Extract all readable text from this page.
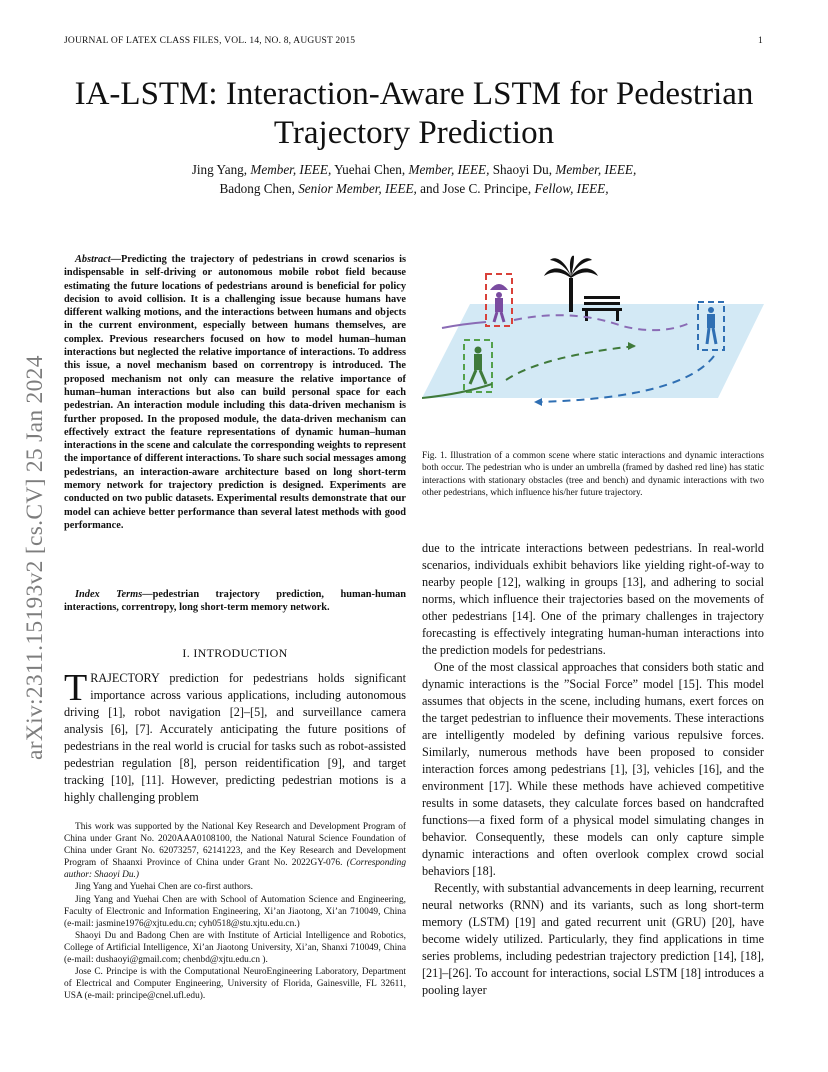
JOURNAL OF LATEX CLASS FILES, VOL. 14, NO. 8, AUGUST 2015	1
arXiv:2311.15193v2 [cs.CV] 25 Jan 2024
IA-LSTM: Interaction-Aware LSTM for Pedestrian Trajectory Prediction
Jing Yang, Member, IEEE, Yuehai Chen, Member, IEEE, Shaoyi Du, Member, IEEE,
Badong Chen, Senior Member, IEEE, and Jose C. Principe, Fellow, IEEE,
Abstract—Predicting the trajectory of pedestrians in crowd scenarios is indispensable in self-driving or autonomous mobile robot field because estimating the future locations of pedestrians around is beneficial for policy decision to avoid collision. It is a challenging issue because humans have different walking motions, and the interactions between humans and objects in the current environment, especially between humans themselves, are complex. Previous researchers focused on how to model human–human interactions but neglected the relative importance of interactions. To address this issue, a novel mechanism based on correntropy is introduced. The proposed mechanism not only can measure the relative importance of human–human interactions but also can build personal space for each pedestrian. An interaction module including this data-driven mechanism is further proposed. In the proposed module, the data-driven mechanism can effectively extract the feature representations of dynamic human–human interactions in the scene and calculate the corresponding weights to represent the importance of different interactions. To share such social messages among pedestrians, an interaction-aware architecture based on long short-term memory network for trajectory prediction is designed. Experiments are conducted on two public datasets. Experimental results demonstrate that our model can achieve better performance than several latest methods with good performance.
Index Terms—pedestrian trajectory prediction, human-human interactions, correntropy, long short-term memory network.
I. INTRODUCTION
TRAJECTORY prediction for pedestrians holds significant importance across various applications, including autonomous driving [1], robot navigation [2]–[5], and surveillance camera analysis [6], [7]. Accurately anticipating the future positions of pedestrians in the real world is crucial for tasks such as robot-assisted pedestrian regulation [8], person reidentification [9], and target tracking [10], [11]. However, predicting pedestrian motions is a highly challenging problem

This work was supported by the National Key Research and Development Program of China under Grant No. 2020AAA0108100, the National Natural Science Foundation of China under Grant No. 62073257, 62141223, and the Key Research and Development Program of Shaanxi Province of China under Grant No. 2022GY-076. (Corresponding author: Shaoyi Du.)

Jing Yang and Yuehai Chen are co-first authors.

Jing Yang and Yuehai Chen are with School of Automation Science and Engineering, Faculty of Electronic and Information Engineering, Xi’an Jiaotong, Xi’an 710049, China (e-mail: jasmine1976@xjtu.edu.cn; cyh0518@stu.xjtu.edu.cn.)

Shaoyi Du and Badong Chen are with Institute of Articial Intelligence and Robotics, College of Artificial Intelligence, Xi’an Jiaotong University, Xi’an, Shanxi 710049, China (e-mail: dushaoyi@gmail.com; chenbd@xjtu.edu.cn ).

Jose C. Principe is with the Computational NeuroEngineering Laboratory, Department of Electrical and Computer Engineering, University of Florida, Gainesville, FL 32611, USA (e-mail: principe@cnel.ufl.edu).

Fig. 1. Illustration of a common scene where static interactions and dynamic interactions both occur. The pedestrian who is under an umbrella (framed by dashed red line) has static interactions with stationary obstacles (tree and bench) and dynamic interactions with two other pedestrians, which influence his/her future trajectory.

due to the intricate interactions between pedestrians. In real-world scenarios, individuals exhibit behaviors like yielding right-of-way to nearby people [12], walking in groups [13], and adhering to social norms, which influence their trajectories based on the movements of other pedestrians [14]. One of the primary challenges in trajectory forecasting is effectively integrating human-human interactions into the prediction models for pedestrians.

One of the most classical approaches that considers both static and dynamic interactions is the ”Social Force” model [15]. This model assumes that objects in the scene, including humans, exert forces on the target pedestrian to influence their movements. These interactions are intelligently modeled by defining various repulsive forces. Similarly, numerous methods have been proposed to consider interaction forces among pedestrians [1], [3], vehicles [16], and the environment [17]. While these methods have achieved competitive results in some datasets, they calculate forces based on handcrafted functions—a fixed form of a physical model simulating changes in behavior. Consequently, these models can only capture simple dynamic interactions and often overlook complex crowd social behaviors [18].

Recently, with substantial advancements in deep learning, recurrent neural networks (RNN) and its variants, such as long short-term memory (LSTM) [19] and gated recurrent unit (GRU) [20], have become widely utilized. Particularly, they find applications in time series problems, including pedestrian trajectory prediction [14], [18], [21]–[26]. To account for interactions, social LSTM [18] introduces a pooling layer
